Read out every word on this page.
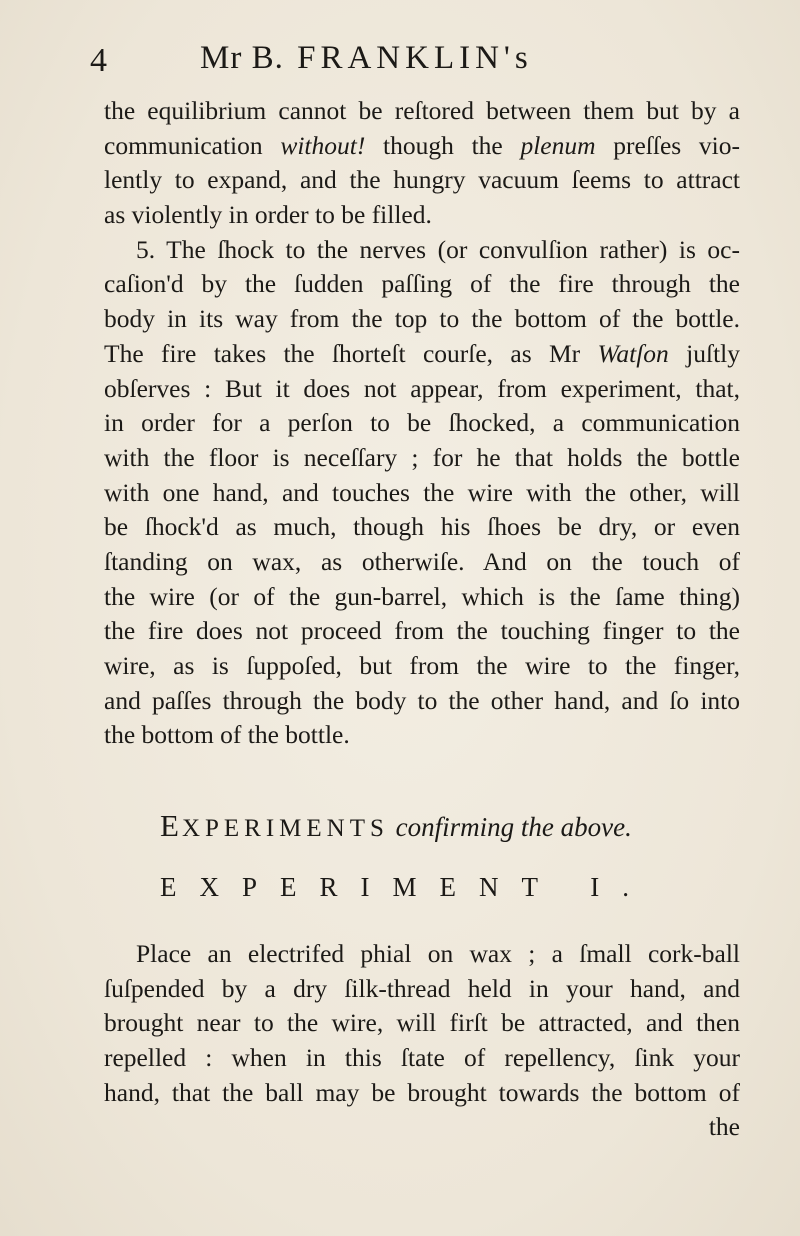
4	Mr B. FRANKLIN's
the equilibrium cannot be reſtored between them but by a
communication without! though the plenum preſſes vio-
lently to expand, and the hungry vacuum ſeems to attract
as violently in order to be filled.
5. The ſhock to the nerves (or convulſion rather) is oc-
caſion'd by the ſudden paſſing of the fire through the
body in its way from the top to the bottom of the bottle.
The fire takes the ſhorteſt courſe, as Mr Watſon juſtly
obſerves : But it does not appear, from experiment, that,
in order for a perſon to be ſhocked, a communication
with the floor is neceſſary ; for he that holds the bottle
with one hand, and touches the wire with the other, will
be ſhock'd as much, though his ſhoes be dry, or even
ſtanding on wax, as otherwiſe. And on the touch of
the wire (or of the gun-barrel, which is the ſame thing)
the fire does not proceed from the touching finger to the
wire, as is ſuppoſed, but from the wire to the finger,
and paſſes through the body to the other hand, and ſo into
the bottom of the bottle.
EXPERIMENTS confirming the above.
EXPERIMENT I.
Place an electrifed phial on wax ; a ſmall cork-ball
ſuſpended by a dry ſilk-thread held in your hand, and
brought near to the wire, will firſt be attracted, and then
repelled : when in this ſtate of repellency, ſink your
hand, that the ball may be brought towards the bottom of
the
